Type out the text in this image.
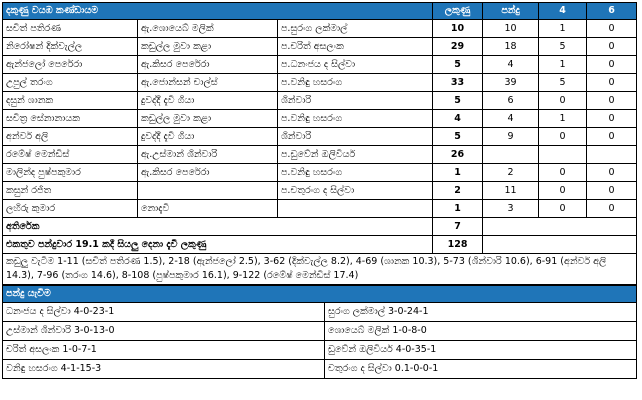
දකුණු වයඹ කණ්ඩායම			ලකුණු	පන්දු	4	6
සචිත් පතිරණ	ඇ.ශොයෙබ් මලික්	ප.සුරංග ලක්මාල්	10	10	1	0
නිරෝෂන් දික්වැල්ල	කඩුල්ල මුවා කළා	ප.චරිත් අසලංක	29	18	5	0
ඇන්ජලෝ පෙරේරා	ඇ.කිසර පෙරේරා	ප.ධනංජය ද සිල්වා	5	4	1	0
උපුල් තරංග	ඇ.ජොන්සන් චාල්ස්	ප.වනිඳු හසරංග	33	39	5	0
දසුන් ශානක	දුවද්දී දැවී ගියා	ශින්වාරි	5	6	0	0
සචිත්‍ර සේනානායක	කඩුල්ල මුවා කළා	ප.වනිඳු හසරංග	4	4	1	0
අන්වර් අලි	දුවද්දී දැවී ගියා	ශින්වාරි	5	9	0	0
රමේෂ් මෙන්ඩිස්	ඇ.උස්මාන් ශින්වාරි	ප.ඩුවේන් ඔලිවියර්	26			
මාලින්ද පුෂ්පකුමාර	ඇ.කිසර පෙරේරා	ප.වනිඳු හසරංග	1	2	0	0
කසුන් රජිත		ප.චතුරංග ද සිල්වා	2	11	0	0
ලහිරු කුමාර	නොදැවී		1	3	0	0
අතිරේක			7			
එකතුව පන්දුවාර 19.1 කදී සියලු දෙනා දැවී ලකුණු			128			
කඩුලු වැටීම 1-11 (සචිත් පතිරණ 1.5), 2-18 (ඇන්ජලෝ 2.5), 3-62 (දික්වැල්ල 8.2), 4-69 (ශානක 10.3), 5-73 (ශින්වාරි 10.6), 6-91 (අන්වර් අලි 14.3), 7-96 (තරංග 14.6), 8-108 (පුෂ්පකුමාර 16.1), 9-122 (රමේෂ් මෙන්ඩිස් 17.4)						
පන්දු යැවීම	
ධනංජය ද සිල්වා 4-0-23-1	සුරංග ලක්මාල් 3-0-24-1
උස්මාන් ශින්වාරි 3-0-13-0	ශොයෙබ් මලික් 1-0-8-0
චරිත් අසලංක 1-0-7-1	ඩුවේන් ඔලිවියර් 4-0-35-1
වනිඳු හසරංග 4-1-15-3	චතුරංග ද සිල්වා 0.1-0-0-1
